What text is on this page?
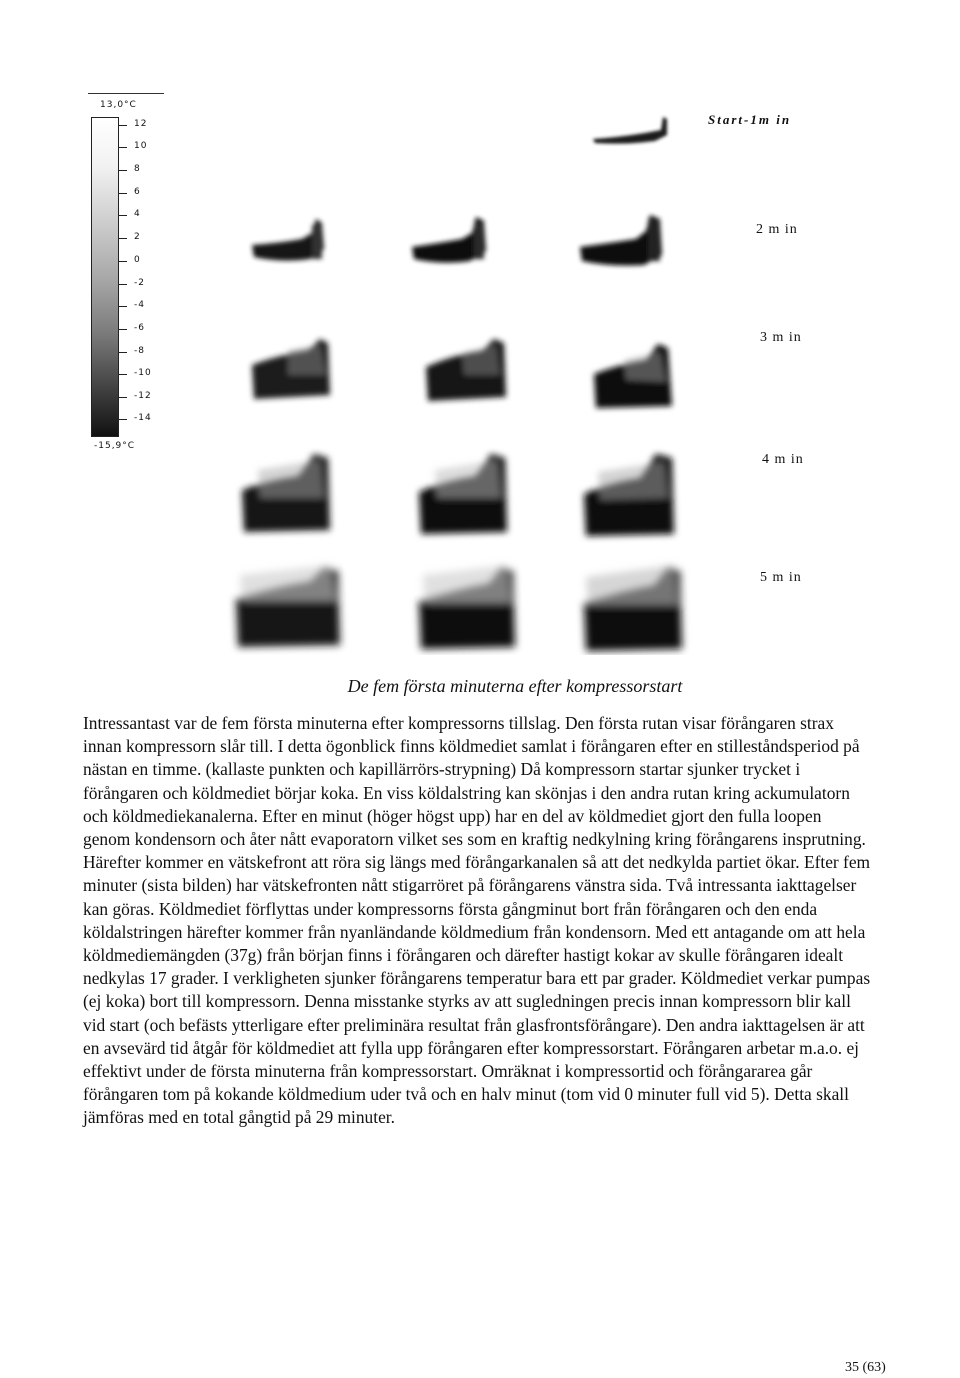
13,0°C
12
10
8
6
4
2
0
-2
-4
-6
-8
-10
-12
-14
-15,9°C
Start-1m in
2 m in
3 m in
4 m in
5 m in
De fem första minuterna efter kompressorstart

Intressantast var de fem första minuterna efter kompressorns tillslag. Den första rutan visar förångaren strax innan kompressorn slår till. I detta ögonblick finns köldmediet samlat i förångaren efter en stilleståndsperiod på nästan en timme. (kallaste punkten och kapillärrörs-strypning) Då kompressorn startar sjunker trycket i förångaren och köldmediet börjar koka. En viss köldalstring kan skönjas i den andra rutan kring ackumulatorn och köldmediekanalerna. Efter en minut (höger högst upp) har en del av köldmediet gjort den fulla loopen genom kondensorn och åter nått evaporatorn vilket ses som en kraftig nedkylning kring förångarens insprutning. Härefter kommer en vätskefront att röra sig längs med förångarkanalen så att det nedkylda partiet ökar. Efter fem minuter (sista bilden) har vätskefronten nått stigarröret på förångarens vänstra sida. Två intressanta iakttagelser kan göras. Köldmediet förflyttas under kompressorns första gångminut bort från förångaren och den enda köldalstringen härefter kommer från nyanländande köldmedium från kondensorn. Med ett antagande om att hela köldmediemängden (37g) från början finns i förångaren och därefter hastigt kokar av skulle förångaren idealt nedkylas 17 grader. I verkligheten sjunker förångarens temperatur bara ett par grader. Köldmediet verkar pumpas (ej koka) bort till kompressorn. Denna misstanke styrks av att sugledningen precis innan kompressorn blir kall vid start (och befästs ytterligare efter preliminära resultat från glasfrontsförångare). Den andra iakttagelsen är att en avsevärd tid åtgår för köldmediet att fylla upp förångaren efter kompressorstart. Förångaren arbetar m.a.o. ej effektivt under de första minuterna från kompressorstart. Omräknat i kompressortid och förångararea går förångaren tom på kokande köldmedium uder två och en halv minut (tom vid 0 minuter full vid 5). Detta skall jämföras med en total gångtid på 29 minuter.

35 (63)
